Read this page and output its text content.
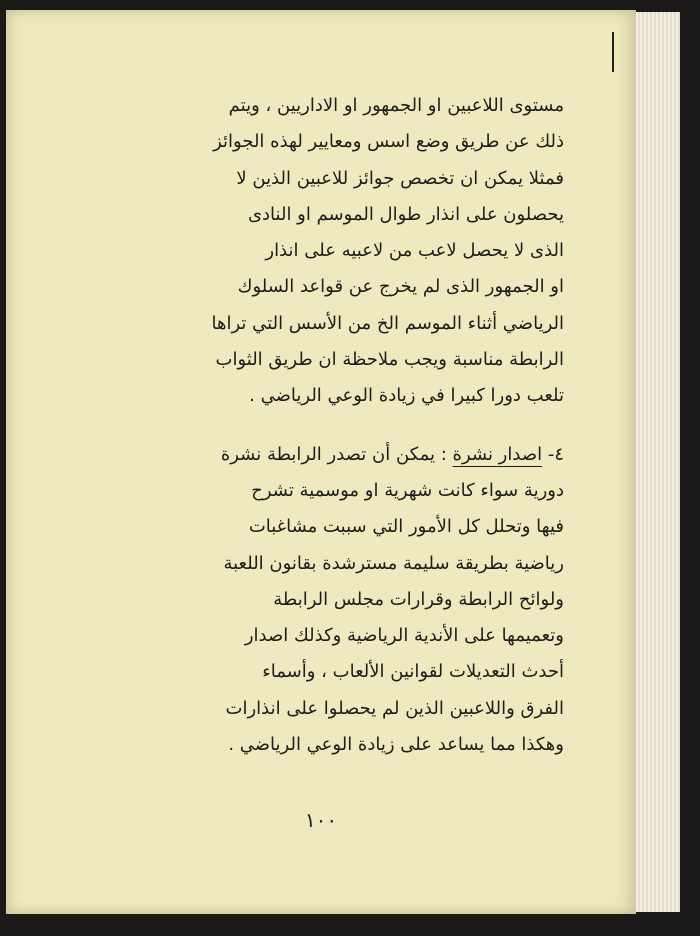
مستوى اللاعبين او الجمهور او الاداريين ، ويتم

ذلك عن طريق وضع اسس ومعايير لهذه الجوائز

فمثلا يمكن ان تخصص جوائز للاعبين الذين لا

يحصلون على انذار طوال الموسم او النادى

الذى لا يحصل لاعب من لاعبيه على انذار

او الجمهور الذى لم يخرج عن قواعد السلوك

الرياضي أثناء الموسم الخ من الأسس التي تراها

الرابطة مناسبة ويجب ملاحظة ان طريق الثواب

تلعب دورا كبيرا في زيادة الوعي الرياضي .

٤- اصدار نشرة : يمكن أن تصدر الرابطة نشرة

دورية سواء كانت شهرية او موسمية تشرح

فيها وتحلل كل الأمور التي سببت مشاغبات

رياضية بطريقة سليمة مسترشدة بقانون اللعبة

ولوائح الرابطة وقرارات مجلس الرابطة

وتعميمها على الأندية الرياضية وكذلك اصدار

أحدث التعديلات لقوانين الألعاب ، وأسماء

الفرق واللاعبين الذين لم يحصلوا على انذارات

وهكذا مما يساعد على زيادة الوعي الرياضي .

١٠٠
